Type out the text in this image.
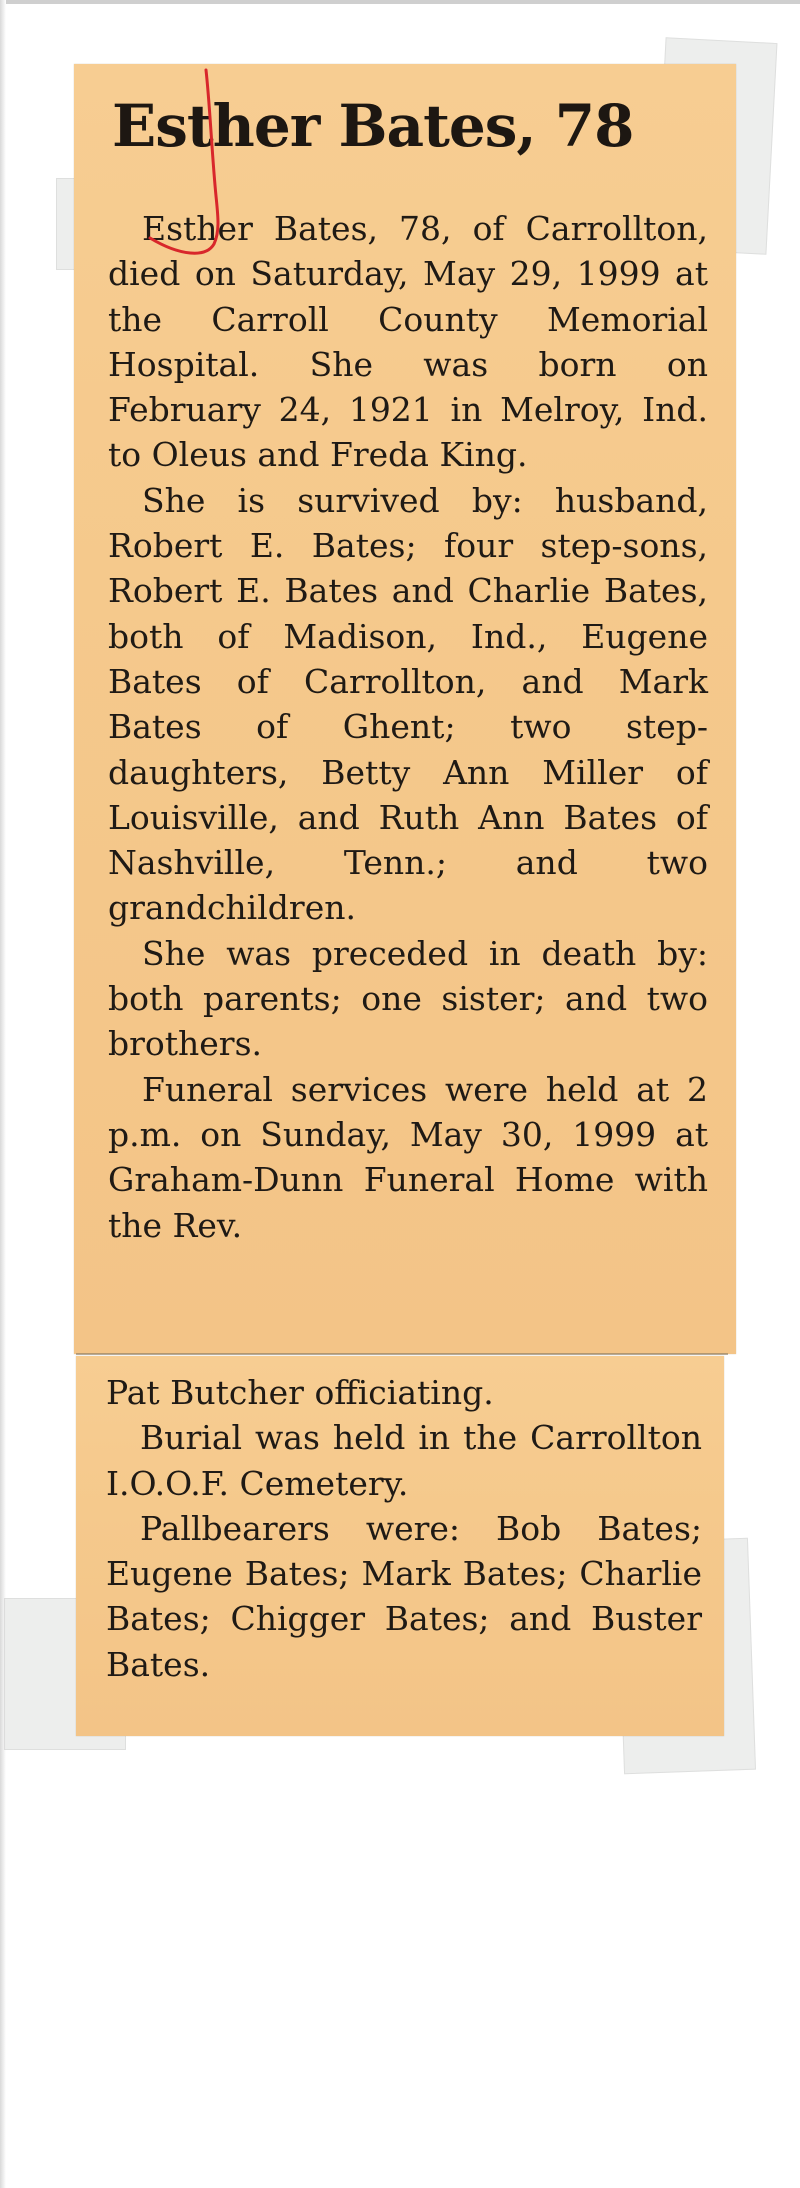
Esther Bates, 78

Esther Bates, 78, of Carrollton, died on Saturday, May 29, 1999 at the Carroll County Memorial Hospital. She was born on February 24, 1921 in Melroy, Ind. to Oleus and Freda King.

She is survived by: husband, Robert E. Bates; four step-sons, Robert E. Bates and Charlie Bates, both of Madison, Ind., Eugene Bates of Carrollton, and Mark Bates of Ghent; two step-daughters, Betty Ann Miller of Louisville, and Ruth Ann Bates of Nashville, Tenn.; and two grandchildren.

She was preceded in death by: both parents; one sister; and two brothers.

Funeral services were held at 2 p.m. on Sunday, May 30, 1999 at Graham-Dunn Funeral Home with the Rev.

Pat Butcher officiating.

Burial was held in the Carrollton I.O.O.F. Cemetery.

Pallbearers were: Bob Bates; Eugene Bates; Mark Bates; Charlie Bates; Chigger Bates; and Buster Bates.
